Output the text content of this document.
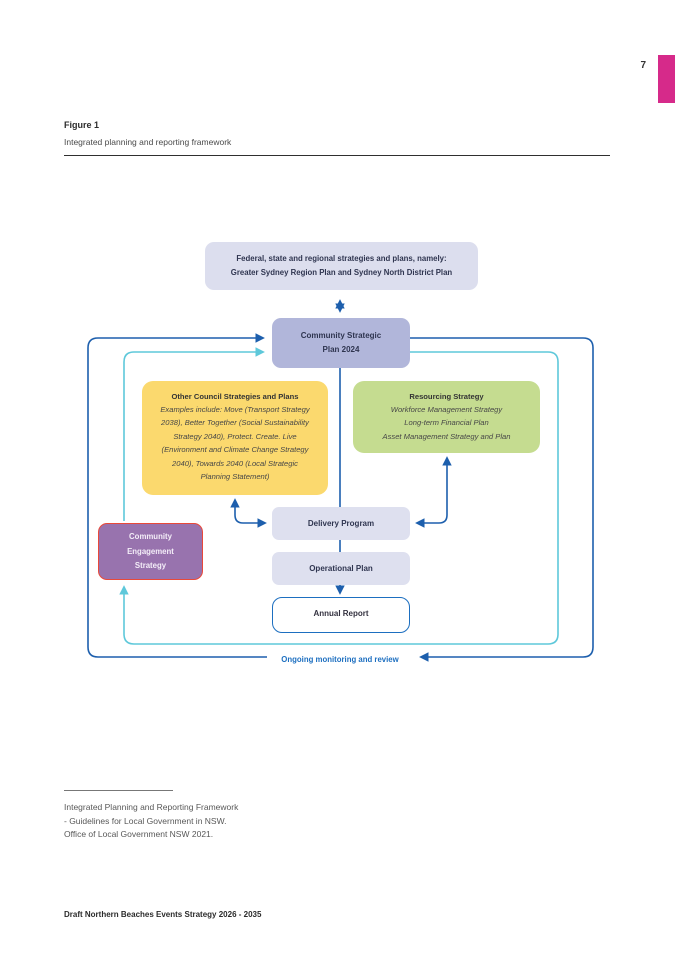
7
Figure 1
Integrated planning and reporting framework
Federal, state and regional strategies and plans, namely:
Greater Sydney Region Plan and Sydney North District Plan
Community Strategic
Plan 2024
Other Council Strategies and Plans
Examples include: Move (Transport Strategy
2038), Better Together (Social Sustainability
Strategy 2040), Protect. Create. Live
(Environment and Climate Change Strategy
2040), Towards 2040 (Local Strategic
Planning Statement)
Resourcing Strategy
Workforce Management Strategy
Long-term Financial Plan
Asset Management Strategy and Plan
Community
Engagement
Strategy
Delivery Program
Operational Plan
Annual Report
Ongoing monitoring and review
Integrated Planning and Reporting Framework
- Guidelines for Local Government in NSW.
Office of Local Government NSW 2021.
Draft Northern Beaches Events Strategy 2026 - 2035
